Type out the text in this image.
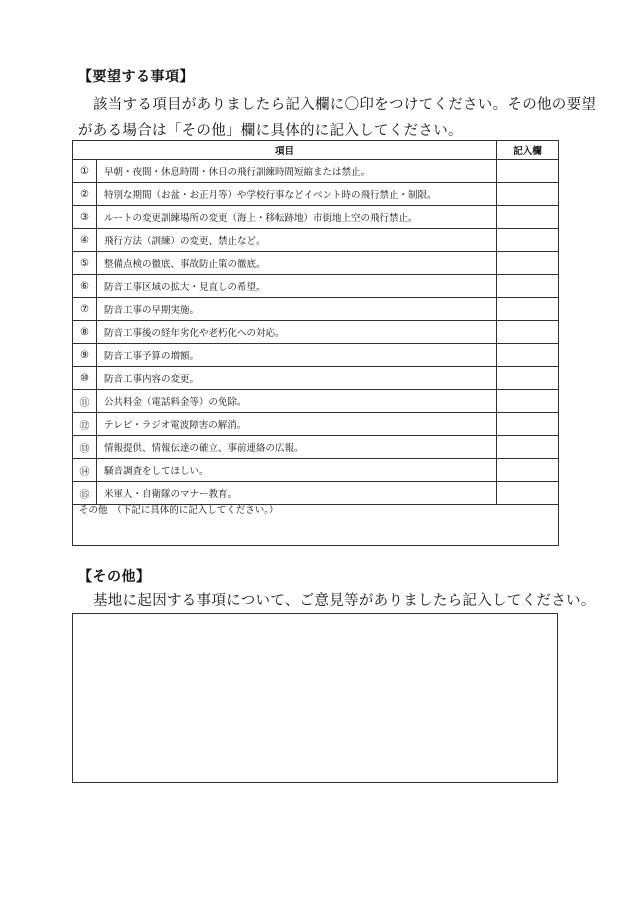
【要望する事項】
該当する項目がありましたら記入欄に〇印をつけてください。その他の要望
がある場合は「その他」欄に具体的に記入してください。
項目		記入欄
①	早朝・夜間・休息時間・休日の飛行訓練時間短縮または禁止。	
②	特別な期間（お盆・お正月等）や学校行事などイベント時の飛行禁止・制限。	
③	ルートの変更訓練場所の変更（海上・移転跡地）市街地上空の飛行禁止。	
④	飛行方法（訓練）の変更、禁止など。	
⑤	整備点検の徹底、事故防止策の徹底。	
⑥	防音工事区域の拡大・見直しの希望。	
⑦	防音工事の早期実施。	
⑧	防音工事後の経年劣化や老朽化への対応。	
⑨	防音工事予算の増額。	
⑩	防音工事内容の変更。	
⑪	公共料金（電話料金等）の免除。	
⑫	テレビ・ラジオ電波障害の解消。	
⑬	情報提供、情報伝達の確立、事前連絡の広報。	
⑭	騒音調査をしてほしい。	
⑮	米軍人・自衛隊のマナー教育。	
その他　（下記に具体的に記入してください。）		
【その他】
基地に起因する事項について、ご意見等がありましたら記入してください。
